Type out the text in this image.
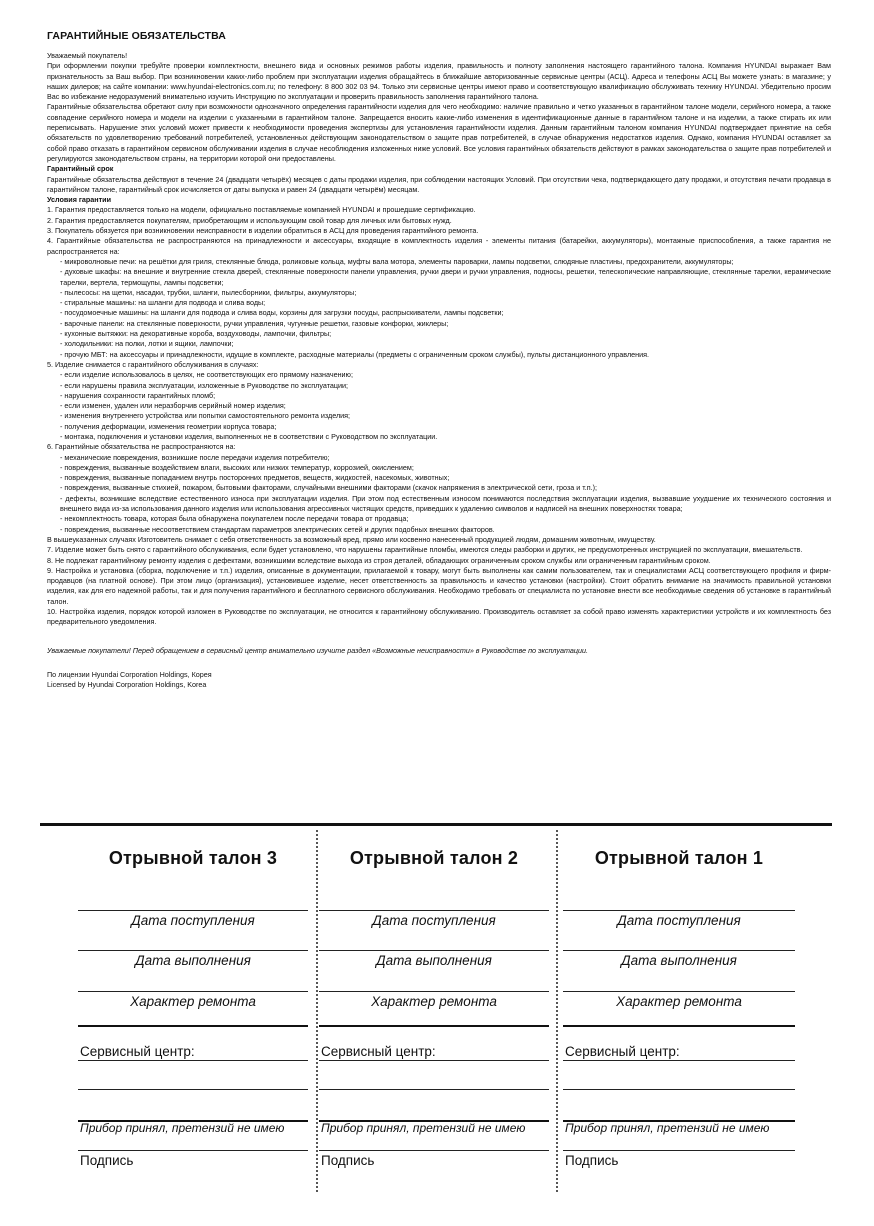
ГАРАНТИЙНЫЕ ОБЯЗАТЕЛЬСТВА

Уважаемый покупатель!

При оформлении покупки требуйте проверки комплектности, внешнего вида и основных режимов работы изделия, правильность и полноту заполнения настоящего гарантийного талона. Компания HYUNDAI выражает Вам признательность за Ваш выбор. При возникновении каких-либо проблем при эксплуатации изделия обращайтесь в ближайшие авторизованные сервисные центры (АСЦ). Адреса и телефоны АСЦ Вы можете узнать: в магазине; у наших дилеров; на сайте компании: www.hyundai-electronics.com.ru; по телефону: 8 800 302 03 94. Только эти сервисные центры имеют право и соответствующую квалификацию обслуживать технику HYUNDAI. Убедительно просим Вас во избежание недоразумений внимательно изучить Инструкцию по эксплуатации и проверить правильность заполнения гарантийного талона.

Гарантийные обязательства обретают силу при возможности однозначного определения гарантийности изделия для чего необходимо: наличие правильно и четко указанных в гарантийном талоне модели, серийного номера, а также совпадение серийного номера и модели на изделии с указанными в гарантийном талоне. Запрещается вносить какие-либо изменения в идентификационные данные в гарантийном талоне и на изделии, а также стирать их или переписывать. Нарушение этих условий может привести к необходимости проведения экспертизы для установления гарантийности изделия. Данным гарантийным талоном компания HYUNDAI подтверждает принятие на себя обязательств по удовлетворению требований потребителей, установленных действующим законодательством о защите прав потребителей, в случае обнаружения недостатков изделия. Однако, компания HYUNDAI оставляет за собой право отказать в гарантийном сервисном обслуживании изделия в случае несоблюдения изложенных ниже условий. Все условия гарантийных обязательств действуют в рамках законодательства о защите прав потребителей и регулируются законодательством страны, на территории которой они предоставлены.

Гарантийный срок

Гарантийные обязательства действуют в течение 24 (двадцати четырёх) месяцев с даты продажи изделия, при соблюдении настоящих Условий. При отсутствии чека, подтверждающего дату продажи, и отсутствия печати продавца в гарантийном талоне, гарантийный срок исчисляется от даты выпуска и равен 24 (двадцати четырём) месяцам.

Условия гарантии

1. Гарантия предоставляется только на модели, официально поставляемые компанией HYUNDAI и прошедшие сертификацию.

2. Гарантия предоставляется покупателям, приобретающим и использующим свой товар для личных или бытовых нужд.

3. Покупатель обязуется при возникновении неисправности в изделии обратиться в АСЦ для проведения гарантийного ремонта.

4. Гарантийные обязательства не распространяются на принадлежности и аксессуары, входящие в комплектность изделия - элементы питания (батарейки, аккумуляторы), монтажные приспособления, а также гарантия не распространяется на:

- микроволновые печи: на решётки для гриля, стеклянные блюда, роликовые кольца, муфты вала мотора, элементы пароварки, лампы подсветки, слюдяные пластины, предохранители, аккумуляторы;

- духовые шкафы: на внешние и внутренние стекла дверей, стеклянные поверхности панели управления, ручки двери и ручки управления, подносы, решетки, телескопические направляющие, стеклянные тарелки, керамические тарелки, вертела, термощупы, лампы подсветки;

- пылесосы: на щетки, насадки, трубки, шланги, пылесборники, фильтры, аккумуляторы;

- стиральные машины: на шланги для подвода и слива воды;

- посудомоечные машины: на шланги для подвода и слива воды, корзины для загрузки посуды, распрыскиватели, лампы подсветки;

- варочные панели: на стеклянные поверхности, ручки управления, чугунные решетки, газовые конфорки, жиклеры;

- кухонные вытяжки: на декоративные короба, воздуховоды, лампочки, фильтры;

- холодильники: на полки, лотки и ящики, лампочки;

- прочую МБТ: на аксессуары и принадлежности, идущие в комплекте, расходные материалы (предметы с ограниченным сроком службы), пульты дистанционного управления.

5. Изделие снимается с гарантийного обслуживания в случаях:

- если изделие использовалось в целях, не соответствующих его прямому назначению;

- если нарушены правила эксплуатации, изложенные в Руководстве по эксплуатации;

- нарушения сохранности гарантийных пломб;

- если изменен, удален или неразборчив серийный номер изделия;

- изменения внутреннего устройства или попытки самостоятельного ремонта изделия;

- получения деформации, изменения геометрии корпуса товара;

- монтажа, подключения и установки изделия, выполненных не в соответствии с Руководством по эксплуатации.

6. Гарантийные обязательства не распространяются на:

- механические повреждения, возникшие после передачи изделия потребителю;

- повреждения, вызванные воздействием влаги, высоких или низких температур, коррозией, окислением;

- повреждения, вызванные попаданием внутрь посторонних предметов, веществ, жидкостей, насекомых, животных;

- повреждения, вызванные стихией, пожаром, бытовыми факторами, случайными внешними факторами (скачок напряжения в электрической сети, гроза и т.п.);

- дефекты, возникшие вследствие естественного износа при эксплуатации изделия. При этом под естественным износом понимаются последствия эксплуатации изделия, вызвавшие ухудшение их технического состояния и внешнего вида из-за использования данного изделия или использования агрессивных чистящих средств, приведших к удалению символов и надписей на внешних поверхностях товара;

- некомплектность товара, которая была обнаружена покупателем после передачи товара от продавца;

- повреждения, вызванные несоответствием стандартам параметров электрических сетей и других подобных внешних факторов.

В вышеуказанных случаях Изготовитель снимает с себя ответственность за возможный вред, прямо или косвенно нанесенный продукцией людям, домашним животным, имуществу.

7. Изделие может быть снято с гарантийного обслуживания, если будет установлено, что нарушены гарантийные пломбы, имеются следы разборки и других, не предусмотренных инструкцией по эксплуатации, вмешательств.

8. Не подлежат гарантийному ремонту изделия с дефектами, возникшими вследствие выхода из строя деталей, обладающих ограниченным сроком службы или ограниченным гарантийным сроком.

9. Настройка и установка (сборка, подключение и т.п.) изделия, описанные в документации, прилагаемой к товару, могут быть выполнены как самим пользователем, так и специалистами АСЦ соответствующего профиля и фирм-продавцов (на платной основе). При этом лицо (организация), установившее изделие, несет ответственность за правильность и качество установки (настройки). Стоит обратить внимание на значимость правильной установки изделия, как для его надежной работы, так и для получения гарантийного и бесплатного сервисного обслуживания. Необходимо требовать от специалиста по установке внести все необходимые сведения об установке в гарантийный талон.

10. Настройка изделия, порядок которой изложен в Руководстве по эксплуатации, не относится к гарантийному обслуживанию. Производитель оставляет за собой право изменять характеристики устройств и их комплектность без предварительного уведомления.

Уважаемые покупатели! Перед обращением в сервисный центр внимательно изучите раздел «Возможные неисправности» в Руководстве по эксплуатации.

По лицензии Hyundai Corporation Holdings, Корея

Licensed by Hyundai Corporation Holdings, Korea

Отрывной талон 3
Дата поступления
Дата выполнения
Характер ремонта
Сервисный центр:
Прибор принял, претензий не имею
Подпись
Отрывной талон 2
Дата поступления
Дата выполнения
Характер ремонта
Сервисный центр:
Прибор принял, претензий не имею
Подпись
Отрывной талон 1
Дата поступления
Дата выполнения
Характер ремонта
Сервисный центр:
Прибор принял, претензий не имею
Подпись
